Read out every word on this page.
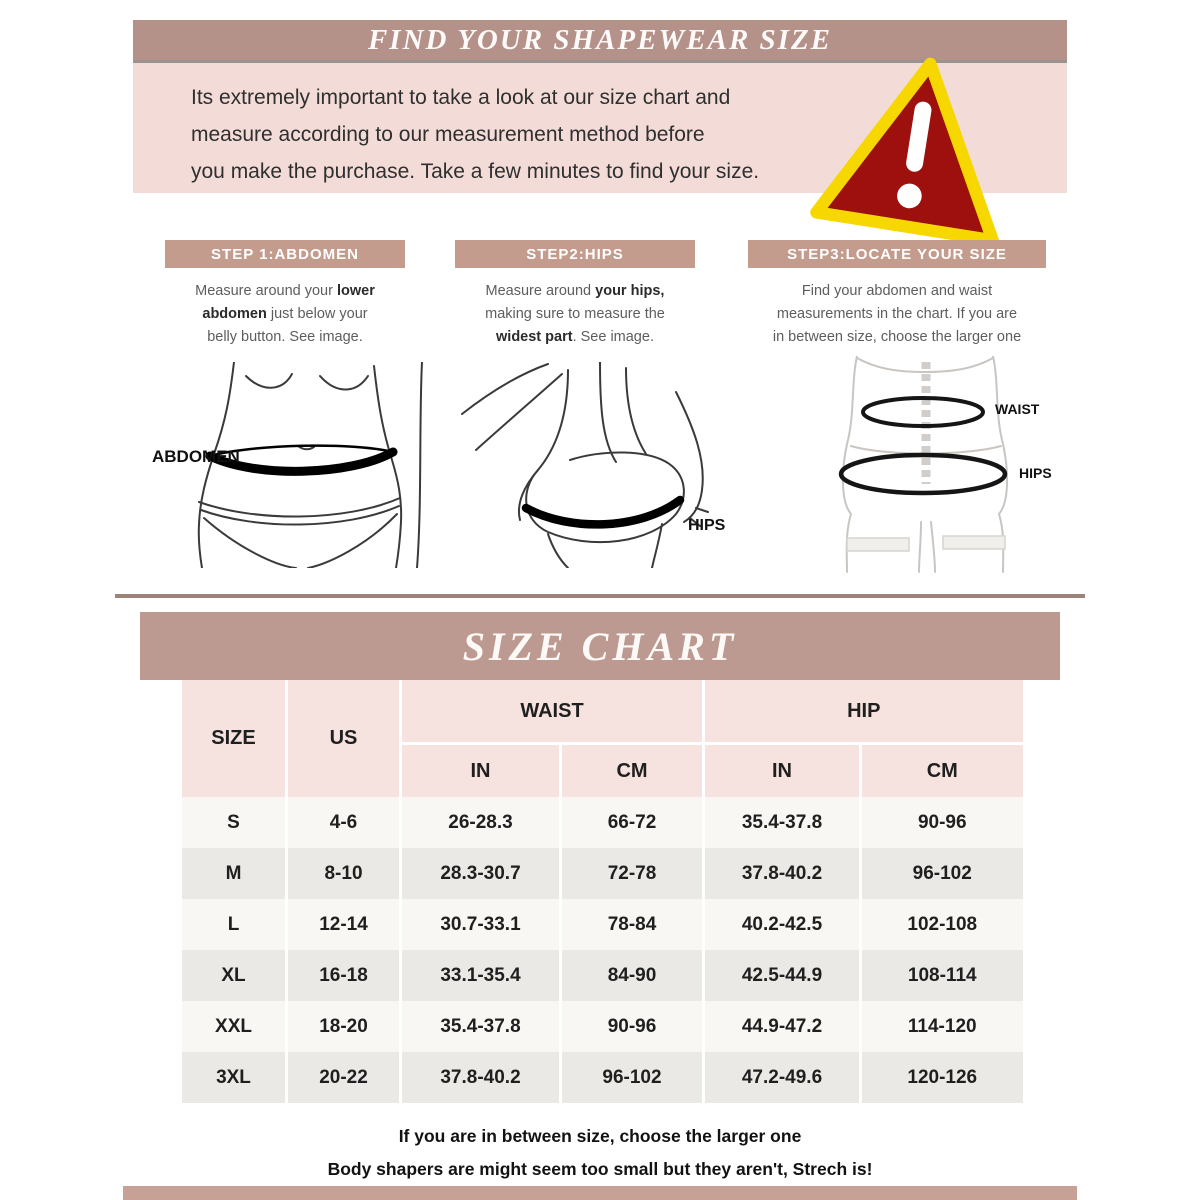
FIND YOUR SHAPEWEAR SIZE
Its extremely important to take a look at our size chart and
measure according to our measurement method before
you make the purchase. Take a few minutes to find your size.
STEP 1:ABDOMEN
Measure around your lower
abdomen just below your
belly button. See image.
STEP2:HIPS
Measure around your hips,
making sure to measure the
widest part. See image.
STEP3:LOCATE YOUR SIZE
Find your abdomen and waist
measurements in the chart. If you are
in between size, choose the larger one
ABDOMEN
HIPS
WAIST
HIPS
SIZE CHART
SIZE	US	WAIST		HIP	
		IN	CM	IN	CM
S	4-6	26-28.3	66-72	35.4-37.8	90-96
M	8-10	28.3-30.7	72-78	37.8-40.2	96-102
L	12-14	30.7-33.1	78-84	40.2-42.5	102-108
XL	16-18	33.1-35.4	84-90	42.5-44.9	108-114
XXL	18-20	35.4-37.8	90-96	44.9-47.2	114-120
3XL	20-22	37.8-40.2	96-102	47.2-49.6	120-126
If you are in between size, choose the larger one
Body shapers are might seem too small but they aren't, Strech is!
